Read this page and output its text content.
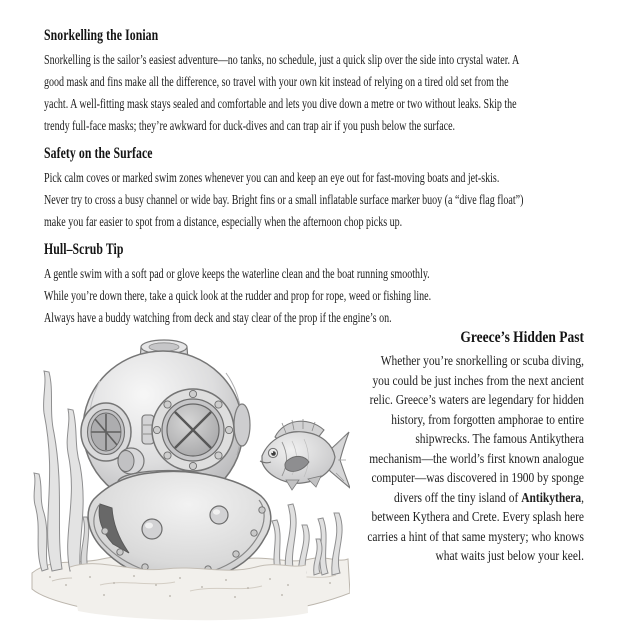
Snorkelling the Ionian
Snorkelling is the sailor’s easiest adventure—no tanks, no schedule, just a quick slip over the side into crystal water. A
good mask and fins make all the difference, so travel with your own kit instead of relying on a tired old set from the
yacht. A well-fitting mask stays sealed and comfortable and lets you dive down a metre or two without leaks. Skip the
trendy full-face masks; they’re awkward for duck-dives and can trap air if you push below the surface.
Safety on the Surface
Pick calm coves or marked swim zones whenever you can and keep an eye out for fast-moving boats and jet-skis.
Never try to cross a busy channel or wide bay. Bright fins or a small inflatable surface marker buoy (a “dive flag float”)
make you far easier to spot from a distance, especially when the afternoon chop picks up.
Hull–Scrub Tip
A gentle swim with a soft pad or glove keeps the waterline clean and the boat running smoothly.
While you’re down there, take a quick look at the rudder and prop for rope, weed or fishing line.
Always have a buddy watching from deck and stay clear of the prop if the engine’s on.
Greece’s Hidden Past
Whether you’re snorkelling or scuba diving,
you could be just inches from the next ancient
relic. Greece’s waters are legendary for hidden
history, from forgotten amphorae to entire
shipwrecks. The famous Antikythera
mechanism—the world’s first known analogue
computer—was discovered in 1900 by sponge
divers off the tiny island of Antikythera,
between Kythera and Crete. Every splash here
carries a hint of that same mystery; who knows
what waits just below your keel.
